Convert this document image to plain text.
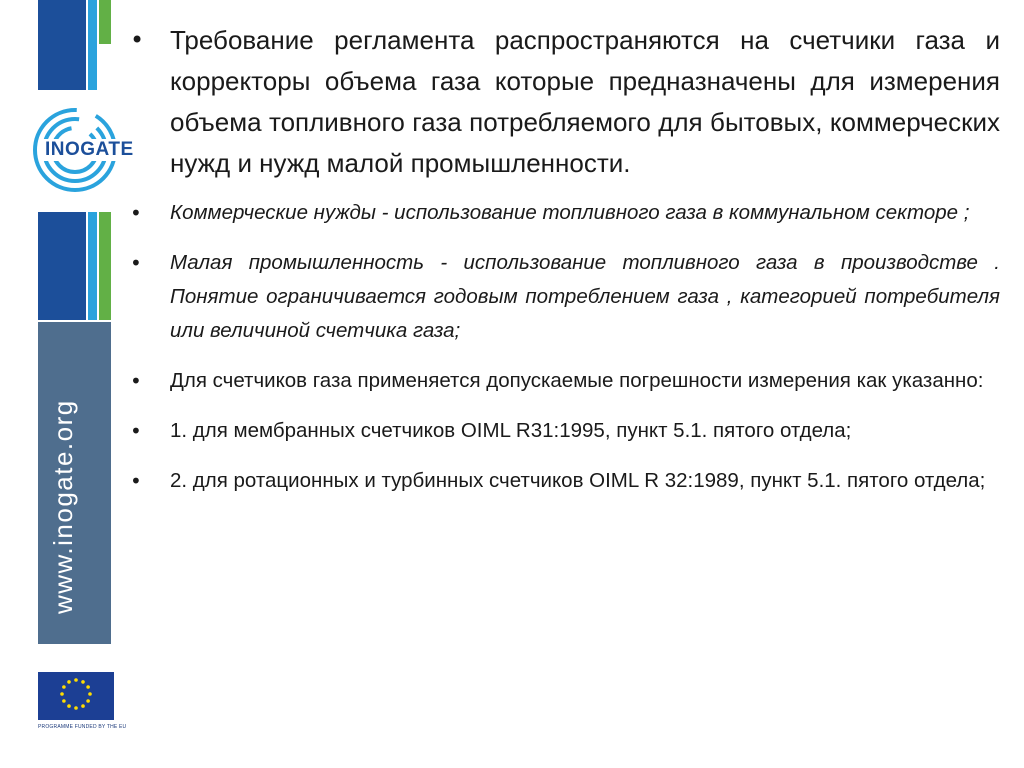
INOGATE
www.inogate.org
PROGRAMME FUNDED BY THE EU
• Требование регламента распространяются на счетчики газа и корректоры объема газа которые предназначены для измерения объема топливного газа потребляемого для бытовых, коммерческих нужд и нужд малой промышленности.
• Коммерческие нужды - использование топливного газа в коммунальном секторе ;
• Малая промышленность - использование топливного газа в производстве . Понятие ограничивается годовым потреблением газа , категорией потребителя или величиной счетчика газа;
• Для счетчиков газа применяется допускаемые погрешности измерения как указанно:
• 1. для мембранных счетчиков OIML R31:1995, пункт 5.1. пятого отдела;
• 2. для ротационных и турбинных счетчиков OIML R 32:1989, пункт 5.1. пятого отдела;
